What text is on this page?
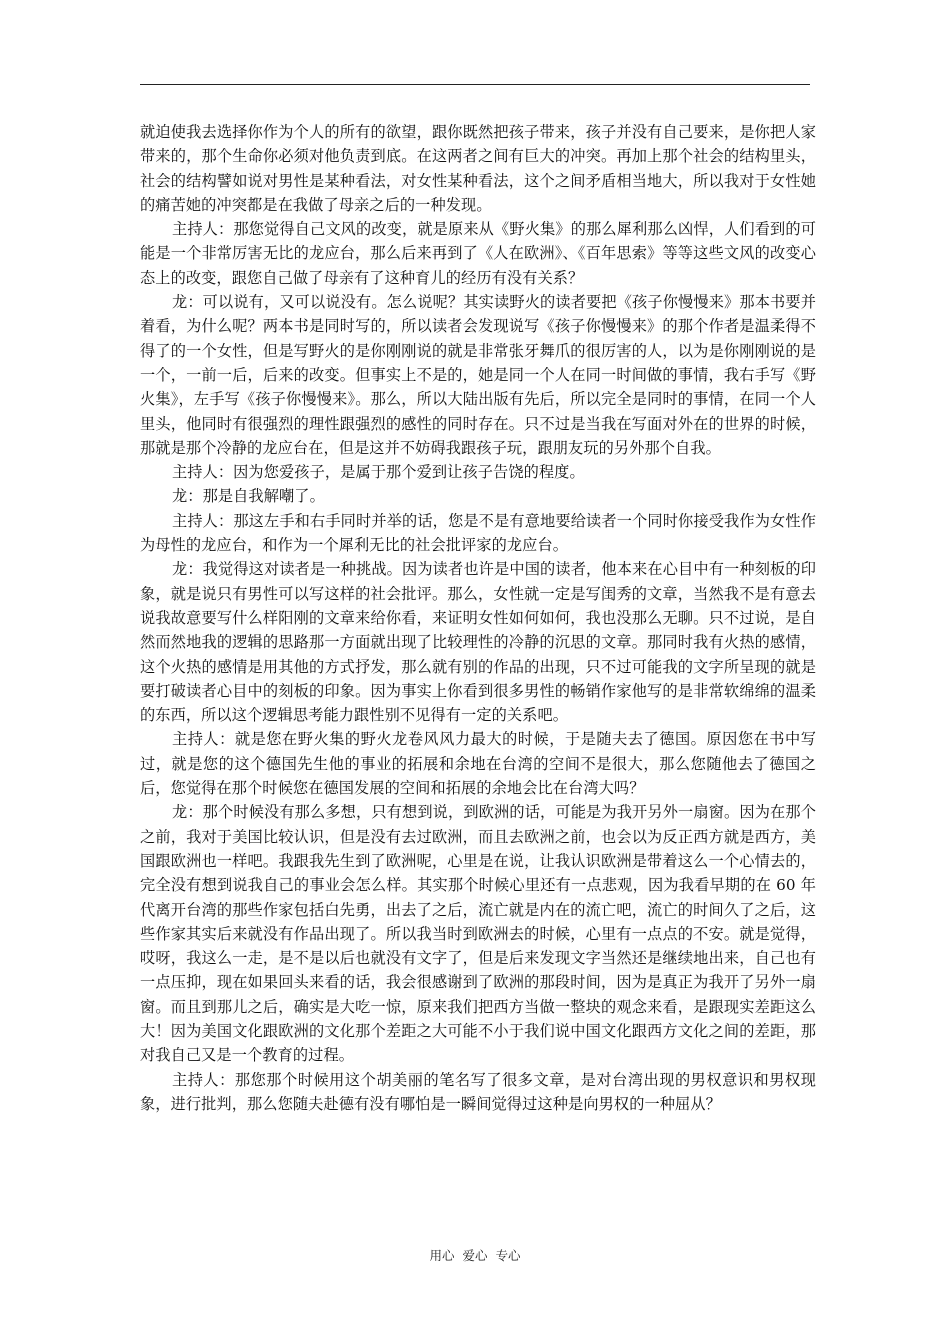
就迫使我去选择你作为个人的所有的欲望，跟你既然把孩子带来，孩子并没有自己要来，是你把人家带来的，那个生命你必须对他负责到底。在这两者之间有巨大的冲突。再加上那个社会的结构里头，社会的结构譬如说对男性是某种看法，对女性某种看法，这个之间矛盾相当地大，所以我对于女性她的痛苦她的冲突都是在我做了母亲之后的一种发现。

主持人：那您觉得自己文风的改变，就是原来从《野火集》的那么犀利那么凶悍，人们看到的可能是一个非常厉害无比的龙应台，那么后来再到了《人在欧洲》、《百年思索》等等这些文风的改变心态上的改变，跟您自己做了母亲有了这种育儿的经历有没有关系？

龙：可以说有，又可以说没有。怎么说呢？其实读野火的读者要把《孩子你慢慢来》那本书要并着看，为什么呢？两本书是同时写的，所以读者会发现说写《孩子你慢慢来》的那个作者是温柔得不得了的一个女性，但是写野火的是你刚刚说的就是非常张牙舞爪的很厉害的人，以为是你刚刚说的是一个，一前一后，后来的改变。但事实上不是的，她是同一个人在同一时间做的事情，我右手写《野火集》，左手写《孩子你慢慢来》。那么，所以大陆出版有先后，所以完全是同时的事情，在同一个人里头，他同时有很强烈的理性跟强烈的感性的同时存在。只不过是当我在写面对外在的世界的时候，那就是那个冷静的龙应台在，但是这并不妨碍我跟孩子玩，跟朋友玩的另外那个自我。

主持人：因为您爱孩子，是属于那个爱到让孩子告饶的程度。

龙：那是自我解嘲了。

主持人：那这左手和右手同时并举的话，您是不是有意地要给读者一个同时你接受我作为女性作为母性的龙应台，和作为一个犀利无比的社会批评家的龙应台。

龙：我觉得这对读者是一种挑战。因为读者也许是中国的读者，他本来在心目中有一种刻板的印象，就是说只有男性可以写这样的社会批评。那么，女性就一定是写闺秀的文章，当然我不是有意去说我故意要写什么样阳刚的文章来给你看，来证明女性如何如何，我也没那么无聊。只不过说，是自然而然地我的逻辑的思路那一方面就出现了比较理性的冷静的沉思的文章。那同时我有火热的感情，这个火热的感情是用其他的方式抒发，那么就有别的作品的出现，只不过可能我的文字所呈现的就是要打破读者心目中的刻板的印象。因为事实上你看到很多男性的畅销作家他写的是非常软绵绵的温柔的东西，所以这个逻辑思考能力跟性别不见得有一定的关系吧。

主持人：就是您在野火集的野火龙卷风风力最大的时候，于是随夫去了德国。原因您在书中写过，就是您的这个德国先生他的事业的拓展和余地在台湾的空间不是很大，那么您随他去了德国之后，您觉得在那个时候您在德国发展的空间和拓展的余地会比在台湾大吗？

龙：那个时候没有那么多想，只有想到说，到欧洲的话，可能是为我开另外一扇窗。因为在那个之前，我对于美国比较认识，但是没有去过欧洲，而且去欧洲之前，也会以为反正西方就是西方，美国跟欧洲也一样吧。我跟我先生到了欧洲呢，心里是在说，让我认识欧洲是带着这么一个心情去的，完全没有想到说我自己的事业会怎么样。其实那个时候心里还有一点悲观，因为我看早期的在 60 年代离开台湾的那些作家包括白先勇，出去了之后，流亡就是内在的流亡吧，流亡的时间久了之后，这些作家其实后来就没有作品出现了。所以我当时到欧洲去的时候，心里有一点点的不安。就是觉得，哎呀，我这么一走，是不是以后也就没有文字了，但是后来发现文字当然还是继续地出来，自己也有一点压抑，现在如果回头来看的话，我会很感谢到了欧洲的那段时间，因为是真正为我开了另外一扇窗。而且到那儿之后，确实是大吃一惊，原来我们把西方当做一整块的观念来看，是跟现实差距这么大！因为美国文化跟欧洲的文化那个差距之大可能不小于我们说中国文化跟西方文化之间的差距，那对我自己又是一个教育的过程。

主持人：那您那个时候用这个胡美丽的笔名写了很多文章，是对台湾出现的男权意识和男权现象，进行批判，那么您随夫赴德有没有哪怕是一瞬间觉得过这种是向男权的一种屈从？

用心 爱心 专心
